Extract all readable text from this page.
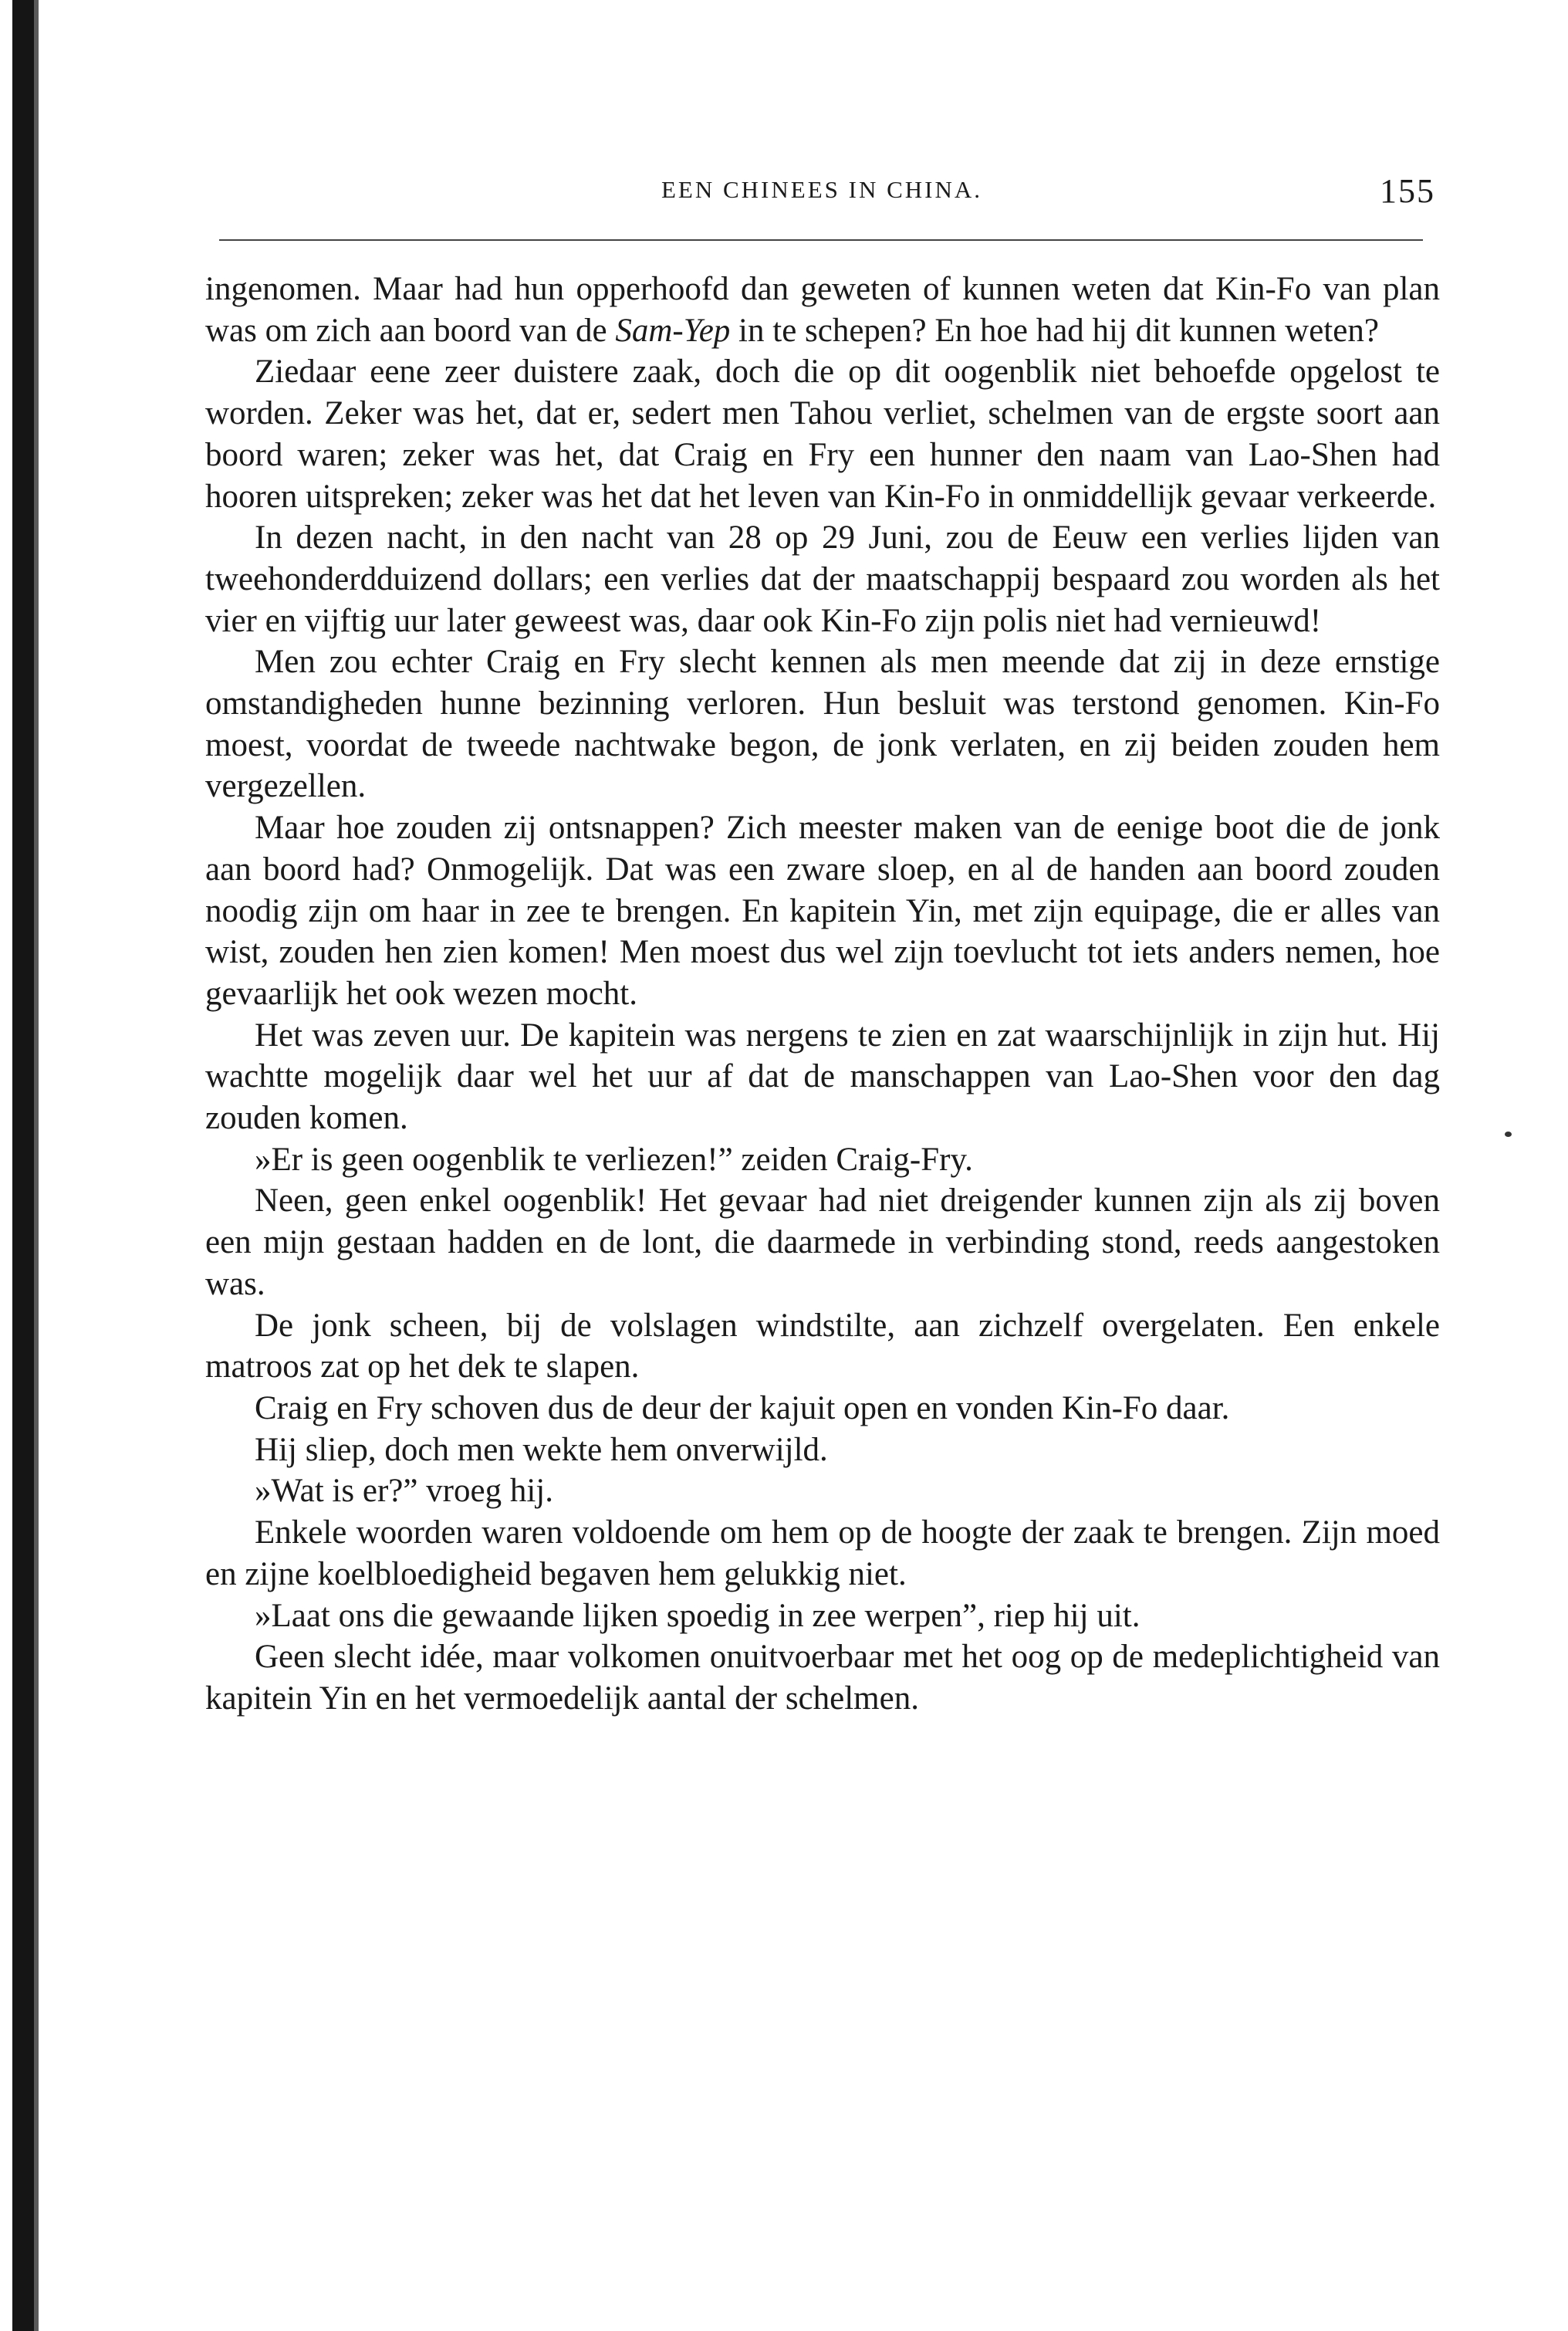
EEN CHINEES IN CHINA.	155

ingenomen. Maar had hun opperhoofd dan geweten of kunnen weten dat Kin-Fo van plan was om zich aan boord van de Sam-Yep in te schepen? En hoe had hij dit kunnen weten?

Ziedaar eene zeer duistere zaak, doch die op dit oogenblik niet behoefde opgelost te worden. Zeker was het, dat er, sedert men Tahou verliet, schelmen van de ergste soort aan boord waren; zeker was het, dat Craig en Fry een hunner den naam van Lao-Shen had hooren uitspreken; zeker was het dat het leven van Kin-Fo in onmiddellijk gevaar verkeerde.

In dezen nacht, in den nacht van 28 op 29 Juni, zou de Eeuw een verlies lijden van tweehonderdduizend dollars; een verlies dat der maatschappij bespaard zou worden als het vier en vijftig uur later geweest was, daar ook Kin-Fo zijn polis niet had vernieuwd!

Men zou echter Craig en Fry slecht kennen als men meende dat zij in deze ernstige omstandigheden hunne bezinning verloren. Hun besluit was terstond genomen. Kin-Fo moest, voordat de tweede nachtwake begon, de jonk verlaten, en zij beiden zouden hem vergezellen.

Maar hoe zouden zij ontsnappen? Zich meester maken van de eenige boot die de jonk aan boord had? Onmogelijk. Dat was een zware sloep, en al de handen aan boord zouden noodig zijn om haar in zee te brengen. En kapitein Yin, met zijn equipage, die er alles van wist, zouden hen zien komen! Men moest dus wel zijn toevlucht tot iets anders nemen, hoe gevaarlijk het ook wezen mocht.

Het was zeven uur. De kapitein was nergens te zien en zat waarschijnlijk in zijn hut. Hij wachtte mogelijk daar wel het uur af dat de manschappen van Lao-Shen voor den dag zouden komen.

»Er is geen oogenblik te verliezen!” zeiden Craig-Fry.

Neen, geen enkel oogenblik! Het gevaar had niet dreigender kunnen zijn als zij boven een mijn gestaan hadden en de lont, die daarmede in verbinding stond, reeds aangestoken was.

De jonk scheen, bij de volslagen windstilte, aan zichzelf overgelaten. Een enkele matroos zat op het dek te slapen.

Craig en Fry schoven dus de deur der kajuit open en vonden Kin-Fo daar.

Hij sliep, doch men wekte hem onverwijld.

»Wat is er?” vroeg hij.

Enkele woorden waren voldoende om hem op de hoogte der zaak te brengen. Zijn moed en zijne koelbloedigheid begaven hem gelukkig niet.

»Laat ons die gewaande lijken spoedig in zee werpen”, riep hij uit.

Geen slecht idée, maar volkomen onuitvoerbaar met het oog op de medeplichtigheid van kapitein Yin en het vermoedelijk aantal der schelmen.
